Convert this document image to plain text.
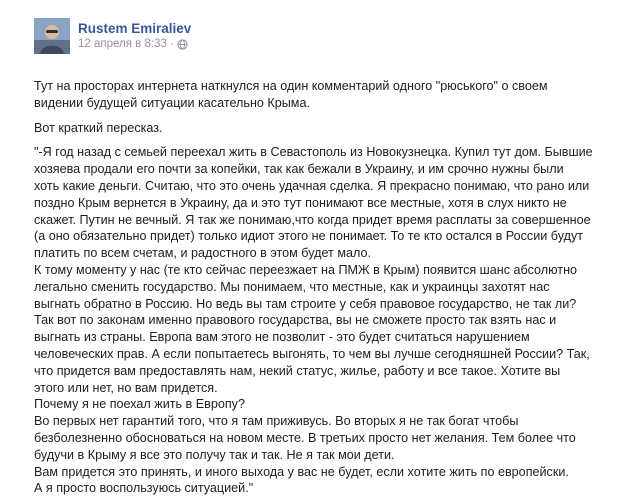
Rustem Emiraliev
12 апреля в 8:33 ·

Тут на просторах интернета наткнулся на один комментарий одного "рюського" о своем

видении будущей ситуации касательно Крыма.

Вот краткий пересказ.

"-Я год назад с семьей переехал жить в Севастополь из Новокузнецка. Купил тут дом. Бывшие

хозяева продали его почти за копейки, так как бежали в Украину, и им срочно нужны были

хоть какие деньги. Считаю, что это очень удачная сделка. Я прекрасно понимаю, что рано или

поздно Крым вернется в Украину, да и это тут понимают все местные, хотя в слух никто не

скажет. Путин не вечный. Я так же понимаю,что когда придет время расплаты за совершенное

(а оно обязательно придет) только идиот этого не понимает. То те кто остался в России будут

платить по всем счетам, и радостного в этом будет мало.

К тому моменту у нас (те кто сейчас переезжает на ПМЖ в Крым) появится шанс абсолютно

легально сменить государство. Мы понимаем, что местные, как и украинцы захотят нас

выгнать обратно в Россию. Но ведь вы там строите у себя правовое государство, не так ли?

Так вот по законам именно правового государства, вы не сможете просто так взять нас и

выгнать из страны. Европа вам этого не позволит - это будет считаться нарушением

человеческих прав. А если попытаетесь выгонять, то чем вы лучше сегодняшней России? Так,

что придется вам предоставлять нам, некий статус, жилье, работу и все такое. Хотите вы

этого или нет, но вам придется.

Почему я не поехал жить в Европу?

Во первых нет гарантий того, что я там приживусь. Во вторых я не так богат чтобы

безболезненно обосноваться на новом месте. В третьих просто нет желания. Тем более что

будучи в Крыму я все это получу так и так. Не я так мои дети.

Вам придется это принять, и иного выхода у вас не будет, если хотите жить по европейски.

А я просто воспользуюсь ситуацией."
